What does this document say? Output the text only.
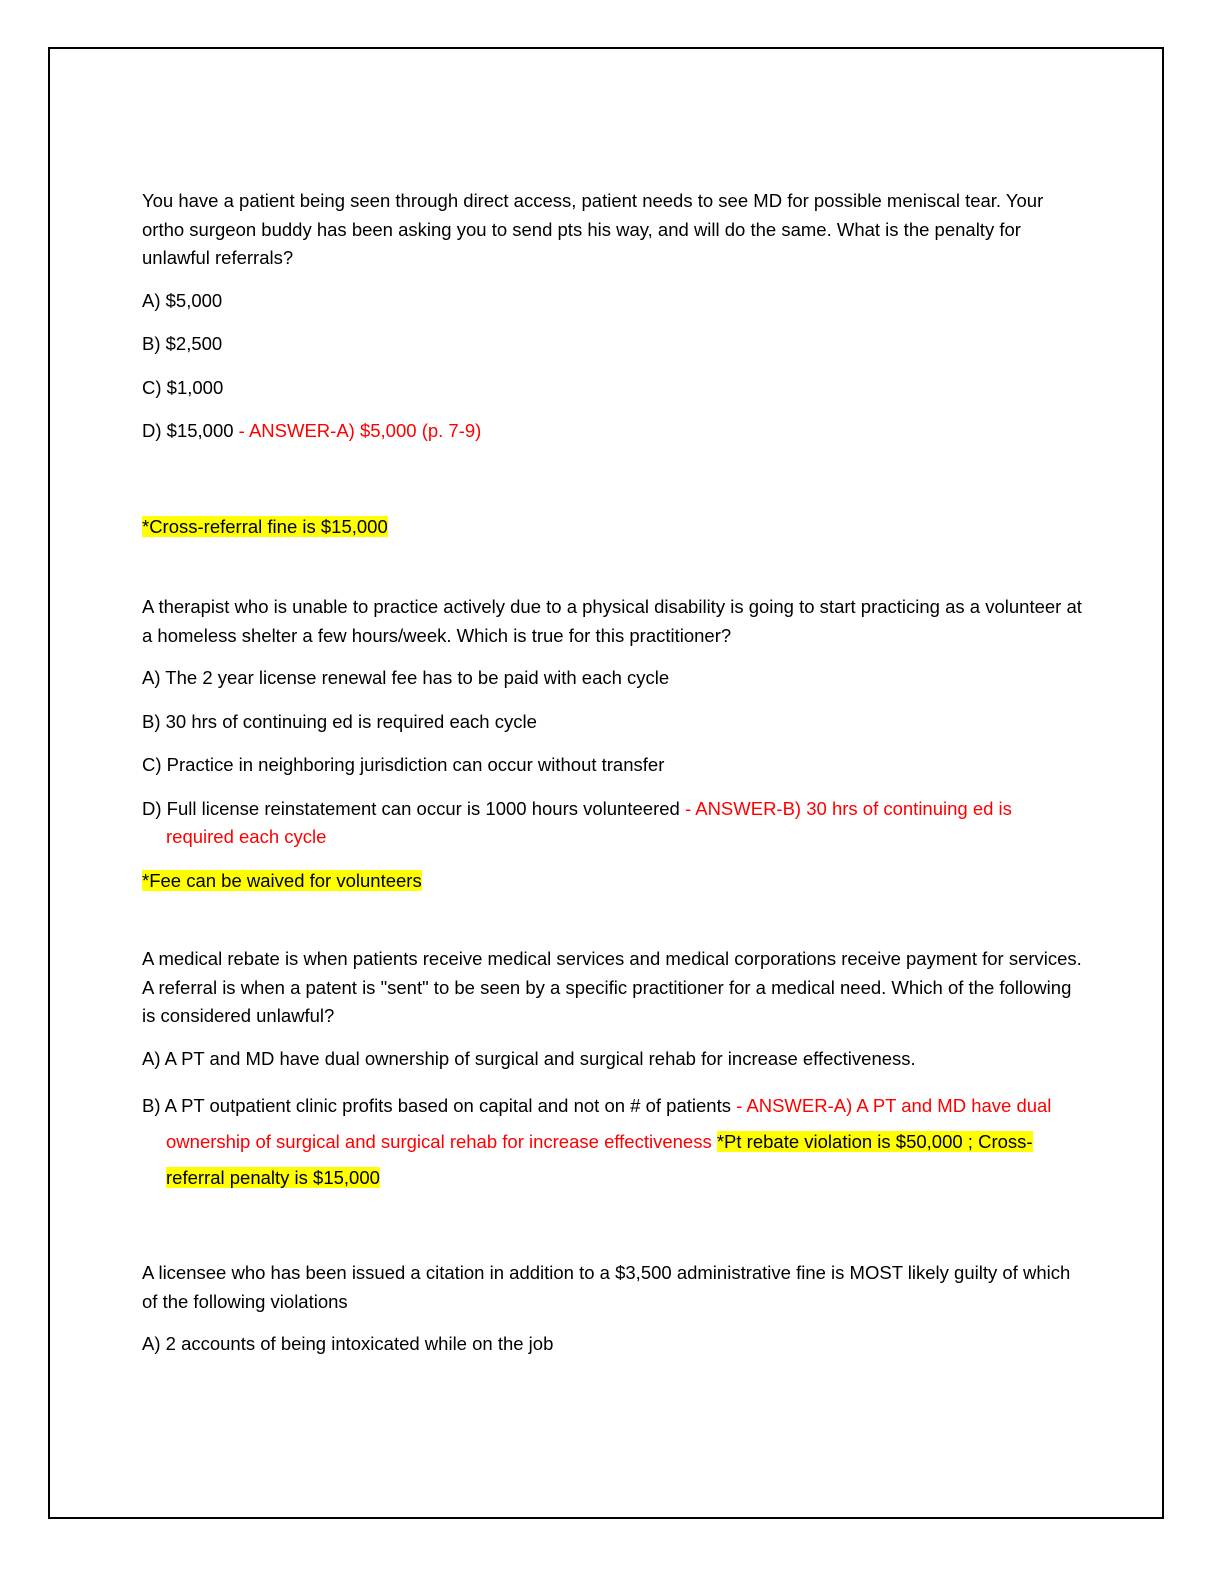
You have a patient being seen through direct access, patient needs to see MD for possible meniscal tear. Your ortho surgeon buddy has been asking you to send pts his way, and will do the same. What is the penalty for unlawful referrals?

A) $5,000

B) $2,500

C) $1,000

D) $15,000 - ANSWER-A) $5,000 (p. 7-9)

*Cross-referral fine is $15,000

A therapist who is unable to practice actively due to a physical disability is going to start practicing as a volunteer at a homeless shelter a few hours/week. Which is true for this practitioner?

A) The 2 year license renewal fee has to be paid with each cycle

B) 30 hrs of continuing ed is required each cycle

C) Practice in neighboring jurisdiction can occur without transfer

D) Full license reinstatement can occur is 1000 hours volunteered - ANSWER-B) 30 hrs of continuing ed is required each cycle

*Fee can be waived for volunteers

A medical rebate is when patients receive medical services and medical corporations receive payment for services. A referral is when a patent is "sent" to be seen by a specific practitioner for a medical need. Which of the following is considered unlawful?

A) A PT and MD have dual ownership of surgical and surgical rehab for increase effectiveness.

B) A PT outpatient clinic profits based on capital and not on # of patients - ANSWER-A) A PT and MD have dual ownership of surgical and surgical rehab for increase effectiveness *Pt rebate violation is $50,000 ; Cross-referral penalty is $15,000

A licensee who has been issued a citation in addition to a $3,500 administrative fine is MOST likely guilty of which of the following violations

A) 2 accounts of being intoxicated while on the job
